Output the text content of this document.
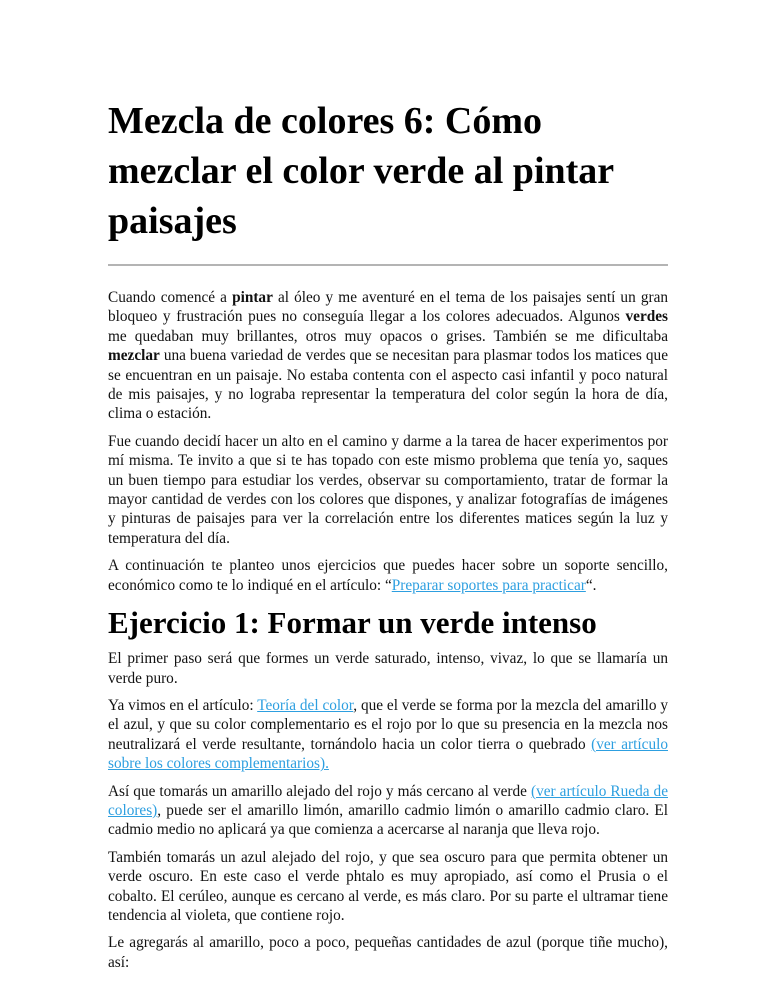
Mezcla de colores 6: Cómo mezclar el color verde al pintar paisajes

Cuando comencé a pintar al óleo y me aventuré en el tema de los paisajes sentí un gran bloqueo y frustración pues no conseguía llegar a los colores adecuados. Algunos verdes me quedaban muy brillantes, otros muy opacos o grises. También se me dificultaba mezclar una buena variedad de verdes que se necesitan para plasmar todos los matices que se encuentran en un paisaje. No estaba contenta con el aspecto casi infantil y poco natural de mis paisajes, y no lograba representar la temperatura del color según la hora de día, clima o estación.

Fue cuando decidí hacer un alto en el camino y darme a la tarea de hacer experimentos por mí misma. Te invito a que si te has topado con este mismo problema que tenía yo, saques un buen tiempo para estudiar los verdes, observar su comportamiento, tratar de formar la mayor cantidad de verdes con los colores que dispones, y analizar fotografías de imágenes y pinturas de paisajes para ver la correlación entre los diferentes matices según la luz y temperatura del día.

A continuación te planteo unos ejercicios que puedes hacer sobre un soporte sencillo, económico como te lo indiqué en el artículo: “Preparar soportes para practicar“.

Ejercicio 1: Formar un verde intenso

El primer paso será que formes un verde saturado, intenso, vivaz, lo que se llamaría un verde puro.

Ya vimos en el artículo: Teoría del color, que el verde se forma por la mezcla del amarillo y el azul, y que su color complementario es el rojo por lo que su presencia en la mezcla nos neutralizará el verde resultante, tornándolo hacia un color tierra o quebrado (ver artículo sobre los colores complementarios).

Así que tomarás un amarillo alejado del rojo y más cercano al verde (ver artículo Rueda de colores), puede ser el amarillo limón, amarillo cadmio limón o amarillo cadmio claro. El cadmio medio no aplicará ya que comienza a acercarse al naranja que lleva rojo.

También tomarás un azul alejado del rojo, y que sea oscuro para que permita obtener un verde oscuro. En este caso el verde phtalo es muy apropiado, así como el Prusia o el cobalto. El cerúleo, aunque es cercano al verde, es más claro. Por su parte el ultramar tiene tendencia al violeta, que contiene rojo.

Le agregarás al amarillo, poco a poco, pequeñas cantidades de azul (porque tiñe mucho), así:
